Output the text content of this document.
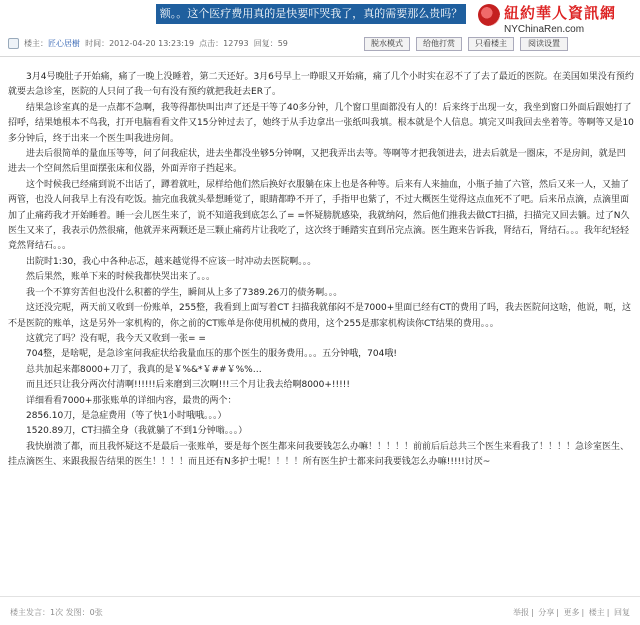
额。。这个医疗费用真的是快要吓哭我了，真的需要那么贵吗？	紐約華人資訊網
NYChinaRen.com
楼主：匠心居樹 时间：2012-04-20 13:23:19 点击：12793 回复：59	脱水模式	给他打赏	只看楼主	阅读设置

3月4号晚肚子开始痛，痛了一晚上没睡着，第二天还好。3月6号早上一睁眼又开始痛，痛了几个小时实在忍不了了去了最近的医院。在美国如果没有预约就要去急诊室，医院的人只问了我一句有没有预约就把我赶去ER了。

结果急诊室真的是一点都不急啊，我等得都快叫出声了还是干等了40多分钟，几个窗口里面都没有人的！后来终于出现一女，我坐到窗口外面后跟她打了招呼，结果她根本不鸟我，打开电脑看看文件又15分钟过去了，她终于从手边拿出一张纸叫我填。根本就是个人信息。填完又叫我回去坐着等。等啊等又是10多分钟后，终于出来一个医生叫我进房间。

进去后很简单的量血压等等，问了问我症状，进去坐都没坐够5分钟啊，又把我弄出去等。等啊等才把我领进去，进去后就是一圈床，不是房间，就是凹进去一个空间然后里面摆张床和仪器，外面弄帘子挡起来。

这个时候我已经痛到说不出话了，蹲着就吐，尿样给他们然后换好衣服躺在床上也是各种等。后来有人来抽血，小瓶子抽了六管，然后又来一人，又抽了两管，也没人问我早上有没有吃饭。抽完血我就头晕想睡觉了，眼睛都睁不开了，手指甲也紫了，不过大概医生觉得这点血死不了吧。后来吊点滴，点滴里面加了止痛药我才开始睡着。睡一会儿医生来了，说不知道我到底怎么了= =怀疑膀胱感染，我就纳闷，然后他们推我去做CT扫描，扫描完又回去躺。过了N久医生又来了，我表示仍然很痛，他就弄来两颗还是三颗止痛药片让我吃了，这次终于睡踏实直到吊完点滴。医生跑来告诉我，肾结石，肾结石。。。我年纪轻轻竟然肾结石。。。

出院时1:30，我心中各种忐忑，越来越觉得不应该一时冲动去医院啊。。。

然后果然，账单下来的时候我都快哭出来了。。。

我一个不算穷苦但也没什么积蓄的学生，瞬间从上多了7389.26刀的债务啊。。。

这还没完呢，两天前又收到一份账单，255整，我看到上面写着CT 扫描我就郁闷不是7000+里面已经有CT的费用了吗，我去医院问这啥，他说，呃，这不是医院的账单，这是另外一家机构的，你之前的CT账单是你使用机械的费用，这个255是那家机构读你CT结果的费用。。。

这就完了吗？没有呢，我今天又收到一张= =

704整，是啥呢，是急诊室问我症状给我量血压的那个医生的服务费用。。。五分钟哦，704哦!

总共加起来都8000+刀了，我真的是￥%&*￥##￥%%…

而且还只让我分两次付清啊!!!!!!后来磨到三次啊!!!三个月让我去给啊8000+!!!!!

详细看看7000+那张账单的详细内容，最贵的两个：

2856.10刀，是急症费用（等了快1小时哦哦。。。）

1520.89刀，CT扫描全身（我就躺了不到1分钟嗡。。。）

我快崩溃了都，而且我怀疑这不是最后一张账单，要是每个医生都来问我要钱怎么办嘛！！！！！前前后后总共三个医生来看我了！！！！急诊室医生、挂点滴医生、来跟我报告结果的医生！！！！而且还有N多护士呢！！！！所有医生护士都来问我要钱怎么办嘛!!!!!讨厌~

楼主发言：1次 发图：0张	举报 | 分享 | 更多 | 楼主 | 回复
